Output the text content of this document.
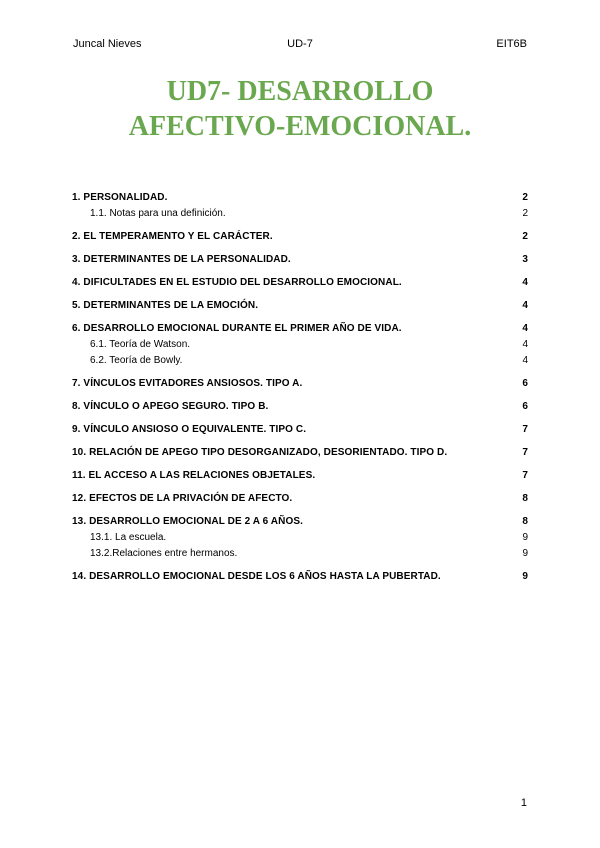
Juncal Nieves	UD-7	EIT6B
UD7- DESARROLLO
AFECTIVO-EMOCIONAL.
1. PERSONALIDAD.	2
1.1. Notas para una definición.	2
2. EL TEMPERAMENTO Y EL CARÁCTER.	2
3. DETERMINANTES DE LA PERSONALIDAD.	3
4. DIFICULTADES EN EL ESTUDIO DEL DESARROLLO EMOCIONAL.	4
5. DETERMINANTES DE LA EMOCIÓN.	4
6. DESARROLLO EMOCIONAL DURANTE EL PRIMER AÑO DE VIDA.	4
6.1. Teoría de Watson.	4
6.2. Teoría de Bowly.	4
7. VÍNCULOS EVITADORES ANSIOSOS. TIPO A.	6
8. VÍNCULO O APEGO SEGURO. TIPO B.	6
9. VÍNCULO ANSIOSO O EQUIVALENTE. TIPO C.	7
10. RELACIÓN DE APEGO TIPO DESORGANIZADO, DESORIENTADO. TIPO D.	7
11. EL ACCESO A LAS RELACIONES OBJETALES.	7
12. EFECTOS DE LA PRIVACIÓN DE AFECTO.	8
13. DESARROLLO EMOCIONAL DE 2 A 6 AÑOS.	8
13.1. La escuela.	9
13.2.Relaciones entre hermanos.	9
14. DESARROLLO EMOCIONAL DESDE LOS 6 AÑOS HASTA LA PUBERTAD.	9
1
